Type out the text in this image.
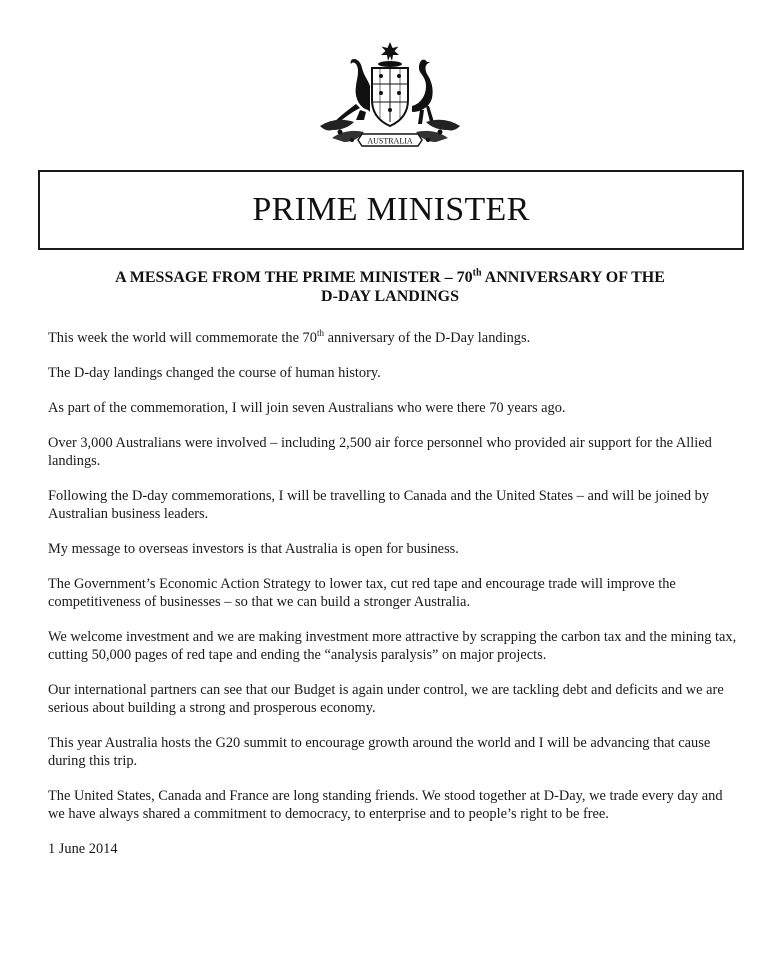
AUSTRALIA
PRIME MINISTER
A MESSAGE FROM THE PRIME MINISTER – 70th ANNIVERSARY OF THE
D-DAY LANDINGS

This week the world will commemorate the 70th anniversary of the D-Day landings.

The D-day landings changed the course of human history.

As part of the commemoration, I will join seven Australians who were there 70 years ago.

Over 3,000 Australians were involved – including 2,500 air force personnel who provided air support for the Allied landings.

Following the D-day commemorations, I will be travelling to Canada and the United States – and will be joined by Australian business leaders.

My message to overseas investors is that Australia is open for business.

The Government’s Economic Action Strategy to lower tax, cut red tape and encourage trade will improve the competitiveness of businesses – so that we can build a stronger Australia.

We welcome investment and we are making investment more attractive by scrapping the carbon tax and the mining tax, cutting 50,000 pages of red tape and ending the “analysis paralysis” on major projects.

Our international partners can see that our Budget is again under control, we are tackling debt and deficits and we are serious about building a strong and prosperous economy.

This year Australia hosts the G20 summit to encourage growth around the world and I will be advancing that cause during this trip.

The United States, Canada and France are long standing friends. We stood together at D-Day, we trade every day and we have always shared a commitment to democracy, to enterprise and to people’s right to be free.

1 June 2014
